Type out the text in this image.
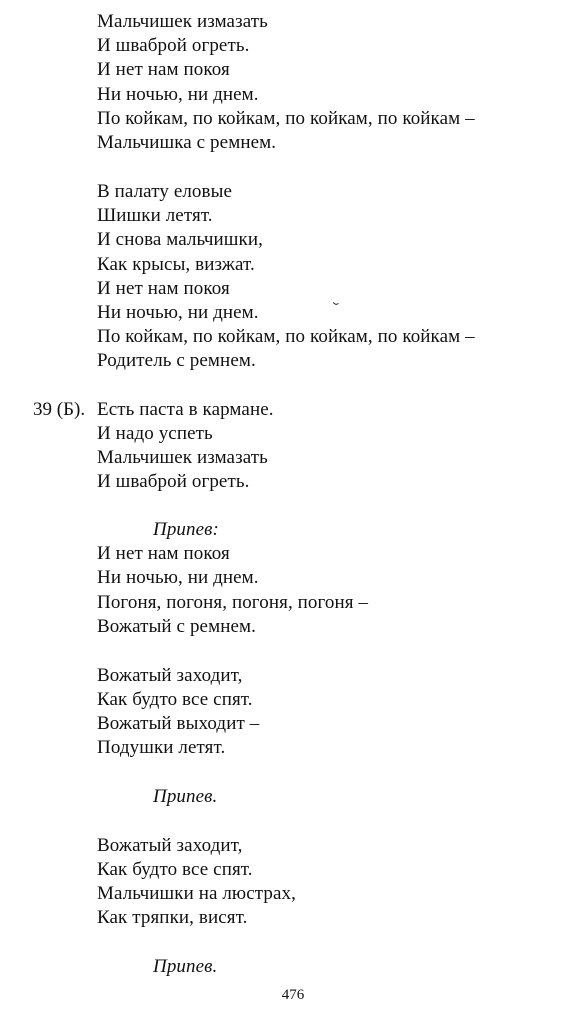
Мальчишек измазать
И шваброй огреть.
И нет нам покоя
Ни ночью, ни днем.
По койкам, по койкам, по койкам, по койкам –
Мальчишка с ремнем.
В палату еловые
Шишки летят.
И снова мальчишки,
Как крысы, визжат.
И нет нам покоя
Ни ночью, ни днем.
По койкам, по койкам, по койкам, по койкам –
Родитель с ремнем.
39 (Б). Есть паста в кармане.
И надо успеть
Мальчишек измазать
И шваброй огреть.
Припев:
И нет нам покоя
Ни ночью, ни днем.
Погоня, погоня, погоня, погоня –
Вожатый с ремнем.
Вожатый заходит,
Как будто все спят.
Вожатый выходит –
Подушки летят.
Припев.
Вожатый заходит,
Как будто все спят.
Мальчишки на люстрах,
Как тряпки, висят.
Припев.
476
